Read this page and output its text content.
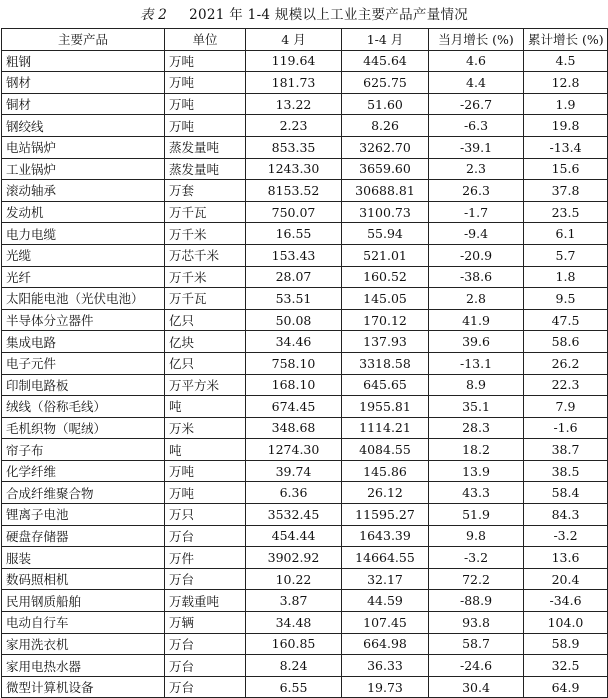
表 2 2021 年 1-4 规模以上工业主要产品产量情况
主要产品	单位	4 月	1-4 月	当月增长 (%)	累计增长 (%)
粗钢	万吨	119.64	445.64	4.6	4.5
钢材	万吨	181.73	625.75	4.4	12.8
铜材	万吨	13.22	51.60	-26.7	1.9
钢绞线	万吨	2.23	8.26	-6.3	19.8
电站锅炉	蒸发量吨	853.35	3262.70	-39.1	-13.4
工业锅炉	蒸发量吨	1243.30	3659.60	2.3	15.6
滚动轴承	万套	8153.52	30688.81	26.3	37.8
发动机	万千瓦	750.07	3100.73	-1.7	23.5
电力电缆	万千米	16.55	55.94	-9.4	6.1
光缆	万芯千米	153.43	521.01	-20.9	5.7
光纤	万千米	28.07	160.52	-38.6	1.8
太阳能电池（光伏电池）	万千瓦	53.51	145.05	2.8	9.5
半导体分立器件	亿只	50.08	170.12	41.9	47.5
集成电路	亿块	34.46	137.93	39.6	58.6
电子元件	亿只	758.10	3318.58	-13.1	26.2
印制电路板	万平方米	168.10	645.65	8.9	22.3
绒线（俗称毛线）	吨	674.45	1955.81	35.1	7.9
毛机织物（呢绒）	万米	348.68	1114.21	28.3	-1.6
帘子布	吨	1274.30	4084.55	18.2	38.7
化学纤维	万吨	39.74	145.86	13.9	38.5
合成纤维聚合物	万吨	6.36	26.12	43.3	58.4
锂离子电池	万只	3532.45	11595.27	51.9	84.3
硬盘存储器	万台	454.44	1643.39	9.8	-3.2
服装	万件	3902.92	14664.55	-3.2	13.6
数码照相机	万台	10.22	32.17	72.2	20.4
民用钢质船舶	万载重吨	3.87	44.59	-88.9	-34.6
电动自行车	万辆	34.48	107.45	93.8	104.0
家用洗衣机	万台	160.85	664.98	58.7	58.9
家用电热水器	万台	8.24	36.33	-24.6	32.5
微型计算机设备	万台	6.55	19.73	30.4	64.9
